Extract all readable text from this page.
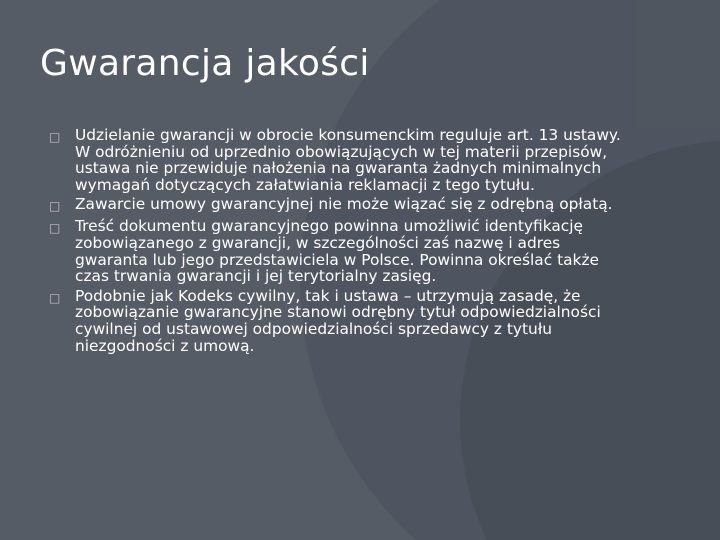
Gwarancja jakości
□ Udzielanie gwarancji w obrocie konsumenckim reguluje art. 13 ustawy. W odróżnieniu od uprzednio obowiązujących w tej materii przepisów, ustawa nie przewiduje nałożenia na gwaranta żadnych minimalnych wymagań dotyczących załatwiania reklamacji z tego tytułu.
□ Zawarcie umowy gwarancyjnej nie może wiązać się z odrębną opłatą.
□ Treść dokumentu gwarancyjnego powinna umożliwić identyfikację zobowiązanego z gwarancji, w szczególności zaś nazwę i adres gwaranta lub jego przedstawiciela w Polsce. Powinna określać także czas trwania gwarancji i jej terytorialny zasięg.
□ Podobnie jak Kodeks cywilny, tak i ustawa – utrzymują zasadę, że zobowiązanie gwarancyjne stanowi odrębny tytuł odpowiedzialności cywilnej od ustawowej odpowiedzialności sprzedawcy z tytułu niezgodności z umową.
